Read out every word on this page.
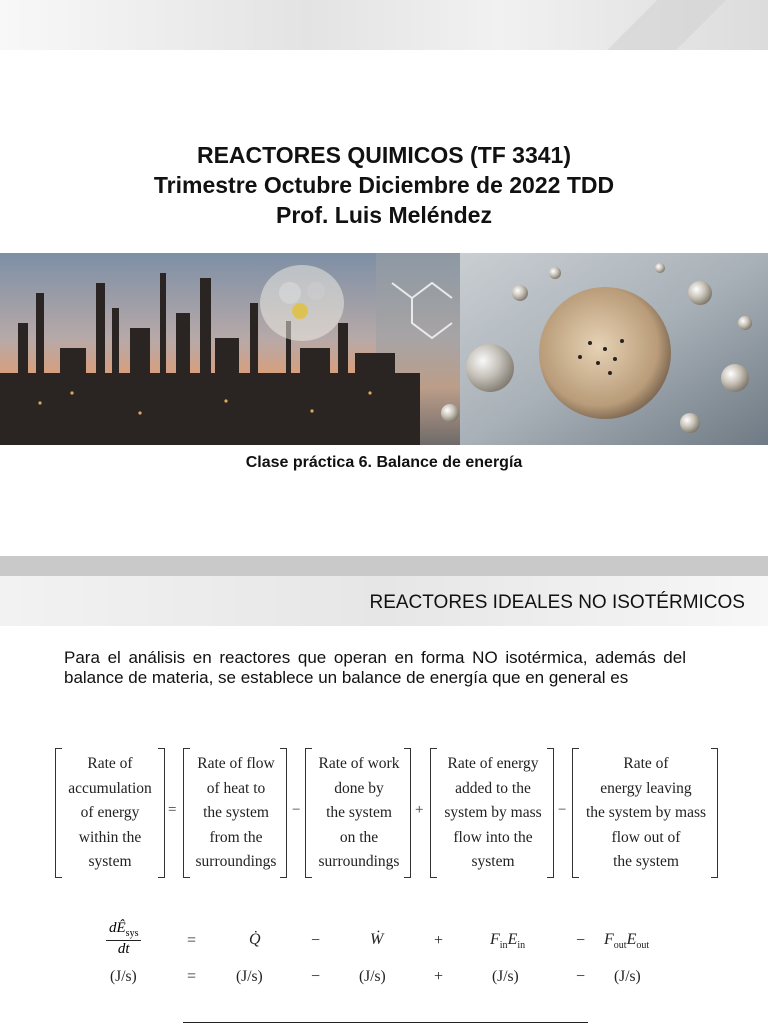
REACTORES QUIMICOS (TF 3341)
Trimestre Octubre Diciembre de 2022 TDD
Prof. Luis Meléndez
Clase práctica 6. Balance de energía
REACTORES IDEALES NO ISOTÉRMICOS
Para el análisis en reactores que operan en forma NO isotérmica, además del balance de materia, se establece un balance de energía que en general es
Rate of
accumulation
of energy
within the
system
=
Rate of flow
of heat to
the system
from the
surroundings
−
Rate of work
done by
the system
on the
surroundings
+
Rate of energy
added to the
system by mass
flow into the
system
−
Rate of
energy leaving
the system by mass
flow out of
the system
$dÊ_{sys}$
dt	=	Q̇	−	Ẇ	+	$F_{in}E_{in}$	− $F_{out}E_{out}$
(J/s)	=	(J/s)	−	(J/s)	+	(J/s)	− (J/s)
